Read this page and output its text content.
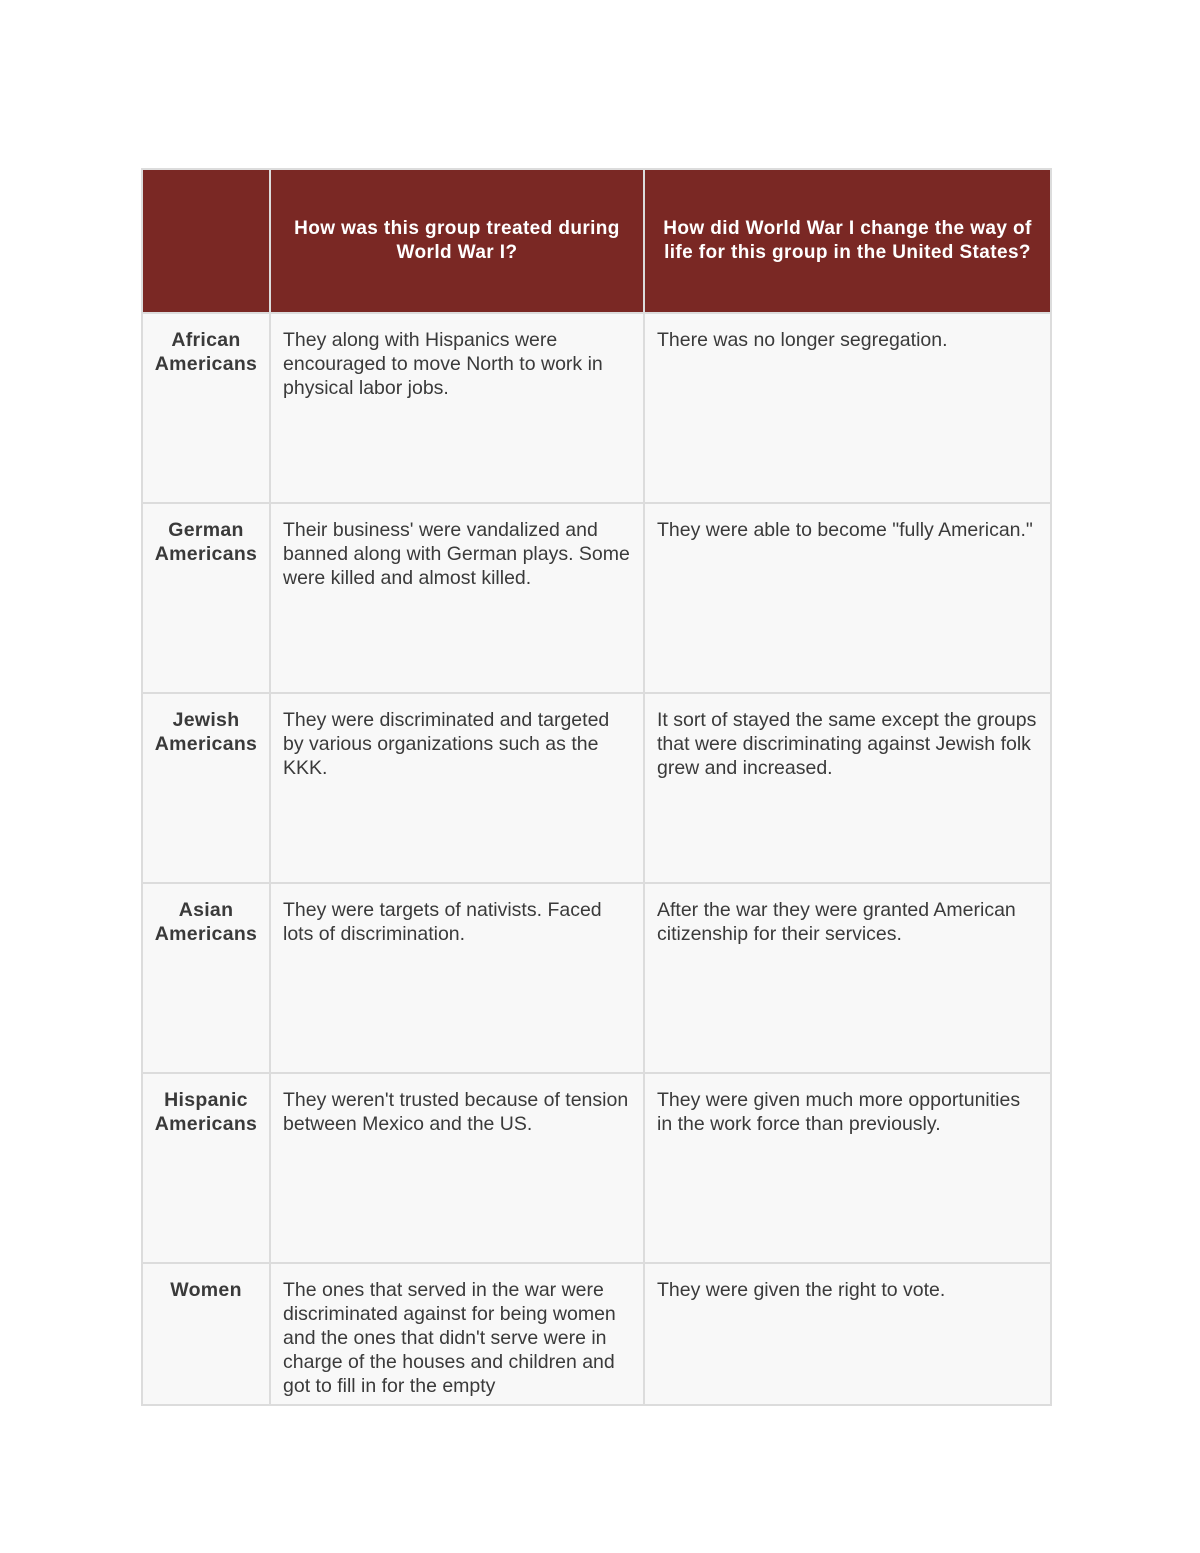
	How was this group treated during World War I?	How did World War I change the way of life for this group in the United States?

African Americans	They along with Hispanics were encouraged to move North to work in physical labor jobs.	There was no longer segregation.

German Americans	Their business' were vandalized and banned along with German plays. Some were killed and almost killed.	They were able to become "fully American."

Jewish Americans	They were discriminated and targeted by various organizations such as the KKK.	It sort of stayed the same except the groups that were discriminating against Jewish folk grew and increased.

Asian Americans	They were targets of nativists. Faced lots of discrimination.	After the war they were granted American citizenship for their services.

Hispanic Americans	They weren't trusted because of tension between Mexico and the US.	They were given much more opportunities in the work force than previously.

Women	The ones that served in the war were discriminated against for being women and the ones that didn't serve were in charge of the houses and children and got to fill in for the empty	They were given the right to vote.
